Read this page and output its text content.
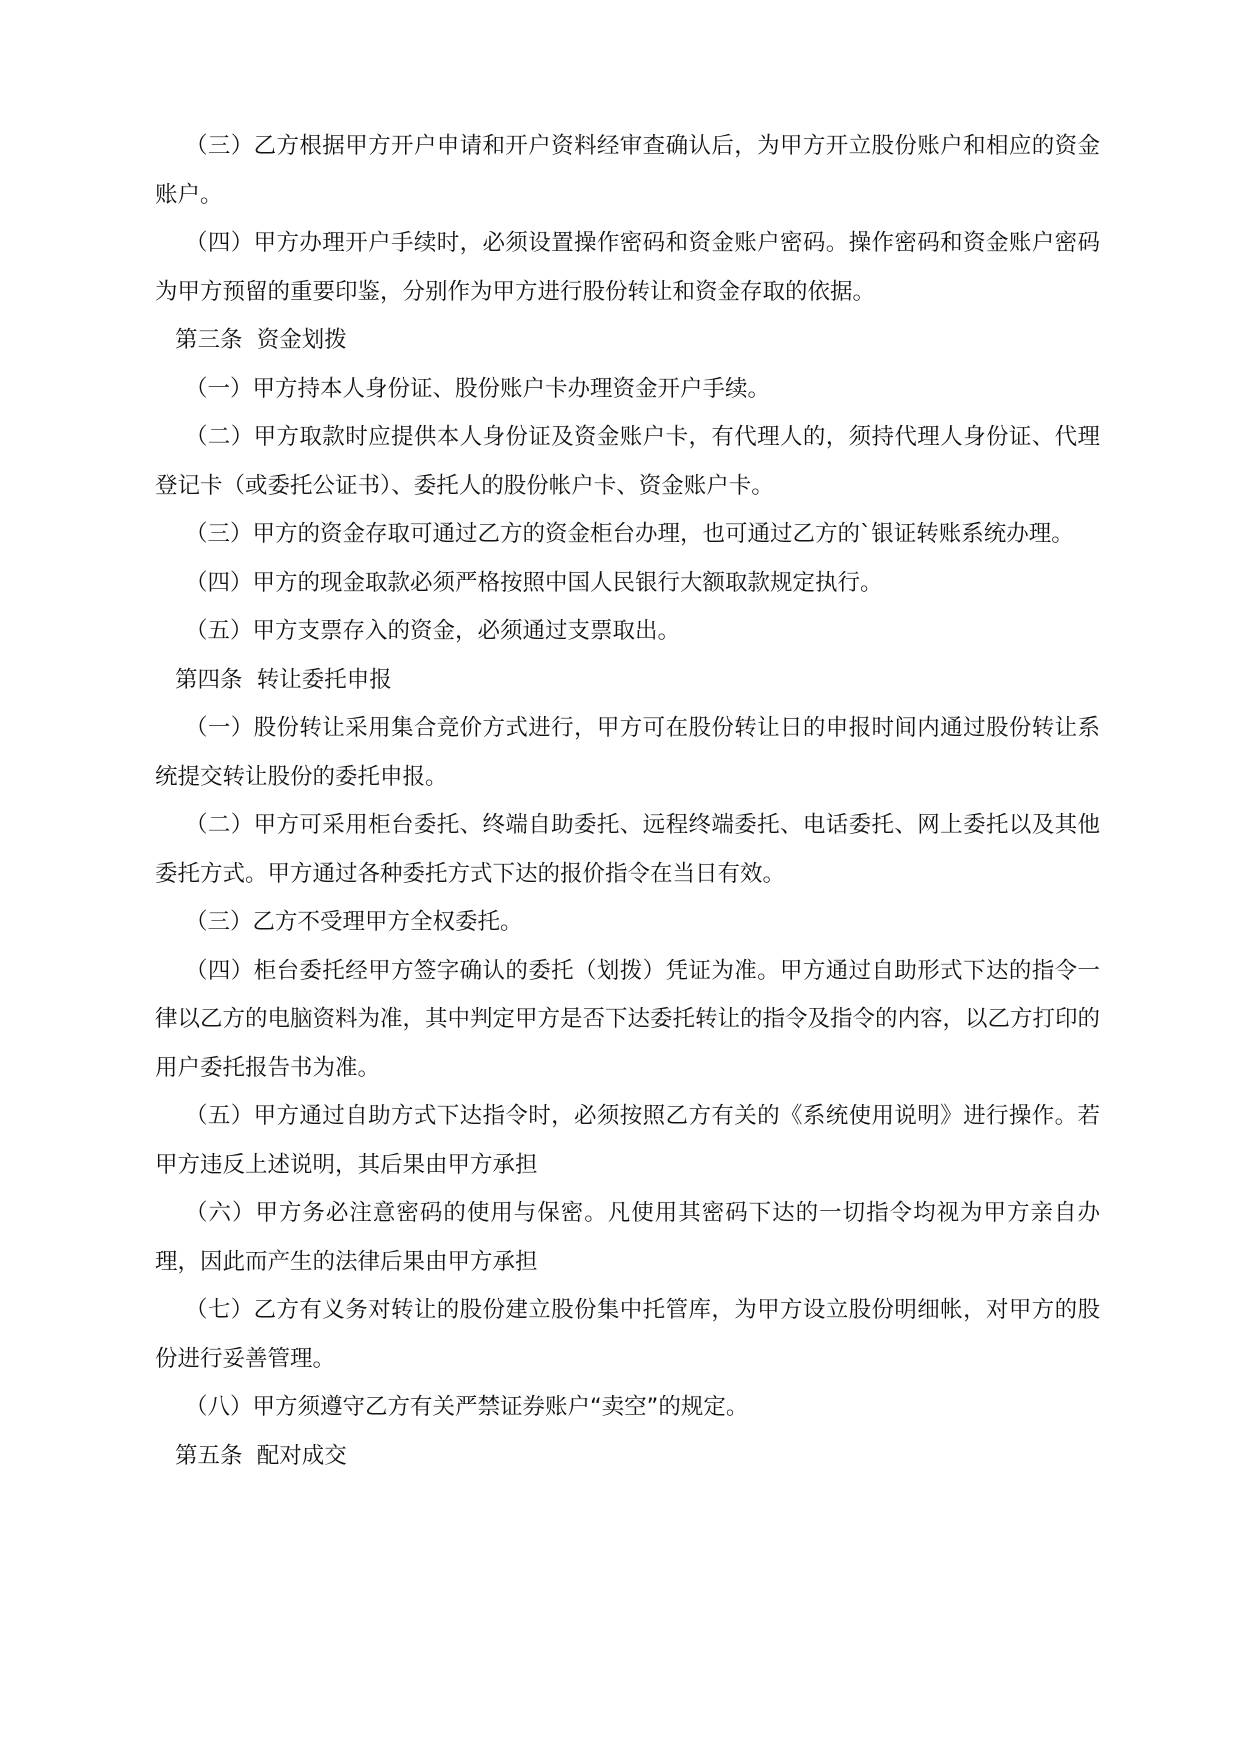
（三）乙方根据甲方开户申请和开户资料经审查确认后，为甲方开立股份账户和相应的资金账户。

（四）甲方办理开户手续时，必须设置操作密码和资金账户密码。操作密码和资金账户密码为甲方预留的重要印鉴，分别作为甲方进行股份转让和资金存取的依据。

第三条  资金划拨

（一）甲方持本人身份证、股份账户卡办理资金开户手续。

（二）甲方取款时应提供本人身份证及资金账户卡，有代理人的，须持代理人身份证、代理登记卡（或委托公证书）、委托人的股份帐户卡、资金账户卡。

（三）甲方的资金存取可通过乙方的资金柜台办理，也可通过乙方的`银证转账系统办理。

（四）甲方的现金取款必须严格按照中国人民银行大额取款规定执行。

（五）甲方支票存入的资金，必须通过支票取出。

第四条  转让委托申报

（一）股份转让采用集合竞价方式进行，甲方可在股份转让日的申报时间内通过股份转让系统提交转让股份的委托申报。

（二）甲方可采用柜台委托、终端自助委托、远程终端委托、电话委托、网上委托以及其他委托方式。甲方通过各种委托方式下达的报价指令在当日有效。

（三）乙方不受理甲方全权委托。

（四）柜台委托经甲方签字确认的委托（划拨）凭证为准。甲方通过自助形式下达的指令一律以乙方的电脑资料为准，其中判定甲方是否下达委托转让的指令及指令的内容，以乙方打印的用户委托报告书为准。

（五）甲方通过自助方式下达指令时，必须按照乙方有关的《系统使用说明》进行操作。若甲方违反上述说明，其后果由甲方承担

（六）甲方务必注意密码的使用与保密。凡使用其密码下达的一切指令均视为甲方亲自办理，因此而产生的法律后果由甲方承担

（七）乙方有义务对转让的股份建立股份集中托管库，为甲方设立股份明细帐，对甲方的股份进行妥善管理。

（八）甲方须遵守乙方有关严禁证券账户“卖空”的规定。

第五条  配对成交
